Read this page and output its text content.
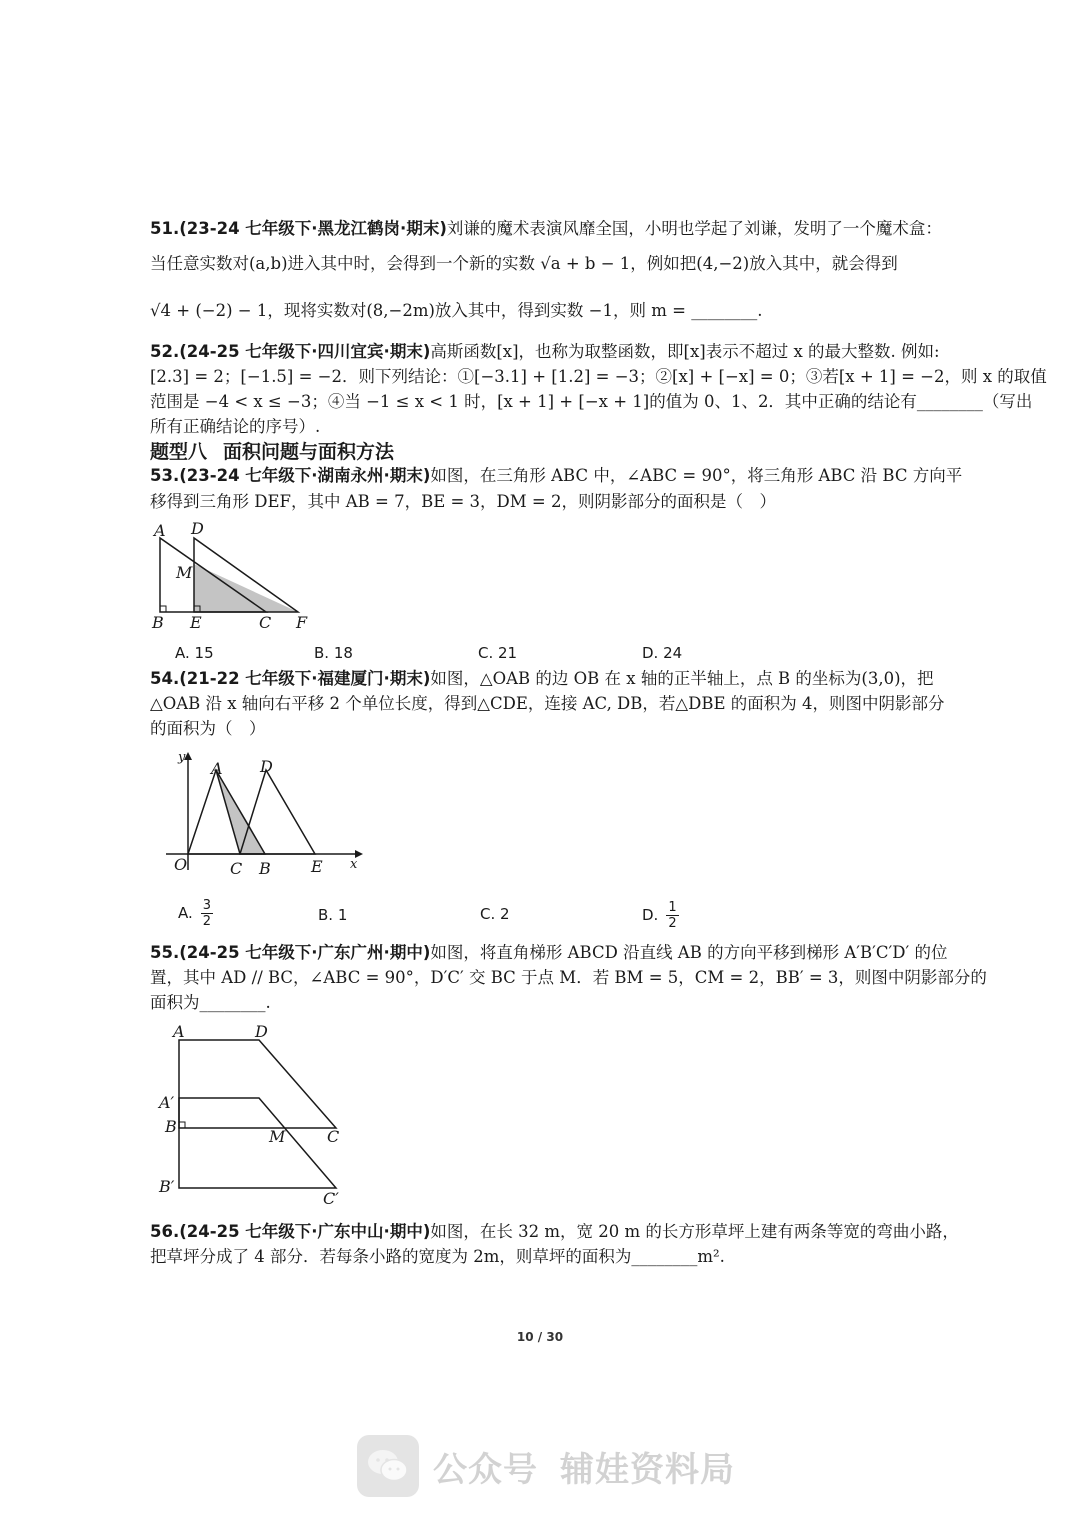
51.(23-24 七年级下·黑龙江鹤岗·期末)刘谦的魔术表演风靡全国，小明也学起了刘谦，发明了一个魔术盒：
当任意实数对(a,b)进入其中时，会得到一个新的实数 √a + b − 1，例如把(4,−2)放入其中，就会得到
√4 + (−2) − 1，现将实数对(8,−2m)放入其中，得到实数 −1，则 m = ________.
52.(24-25 七年级下·四川宜宾·期末)高斯函数[x]，也称为取整函数，即[x]表示不超过 x 的最大整数. 例如:
[2.3] = 2；[−1.5] = −2．则下列结论：①[−3.1] + [1.2] = −3；②[x] + [−x] = 0；③若[x + 1] = −2，则 x 的取值
范围是 −4 < x ≤ −3；④当 −1 ≤ x < 1 时，[x + 1] + [−x + 1]的值为 0、1、2．其中正确的结论有________（写出
所有正确结论的序号）.
题型八 面积问题与面积方法
53.(23-24 七年级下·湖南永州·期末)如图，在三角形 ABC 中，∠ABC = 90°，将三角形 ABC 沿 BC 方向平
移得到三角形 DEF，其中 AB = 7，BE = 3，DM = 2，则阴影部分的面积是（　）
A D
M
B E	C F
A. 15	B. 18	C. 21	D. 24
54.(21-22 七年级下·福建厦门·期末)如图，△OAB 的边 OB 在 x 轴的正半轴上，点 B 的坐标为(3,0)，把
△OAB 沿 x 轴向右平移 2 个单位长度，得到△CDE，连接 AC, DB，若△DBE 的面积为 4，则图中阴影部分
的面积为（　）
y
A D
O	C B	E x
A. $\frac{3}{2}$	B. 1	C. 2	D. $\frac{1}{2}$
55.(24-25 七年级下·广东广州·期中)如图，将直角梯形 ABCD 沿直线 AB 的方向平移到梯形 A′B′C′D′ 的位
置，其中 AD // BC，∠ABC = 90°，D′C′ 交 BC 于点 M．若 BM = 5，CM = 2，BB′ = 3，则图中阴影部分的
面积为________.
A	D
A′
B
M	C
B′
C′
56.(24-25 七年级下·广东中山·期中)如图，在长 32 m，宽 20 m 的长方形草坪上建有两条等宽的弯曲小路，
把草坪分成了 4 部分．若每条小路的宽度为 2m，则草坪的面积为________m².
10 / 30
公众号 辅娃资料局
